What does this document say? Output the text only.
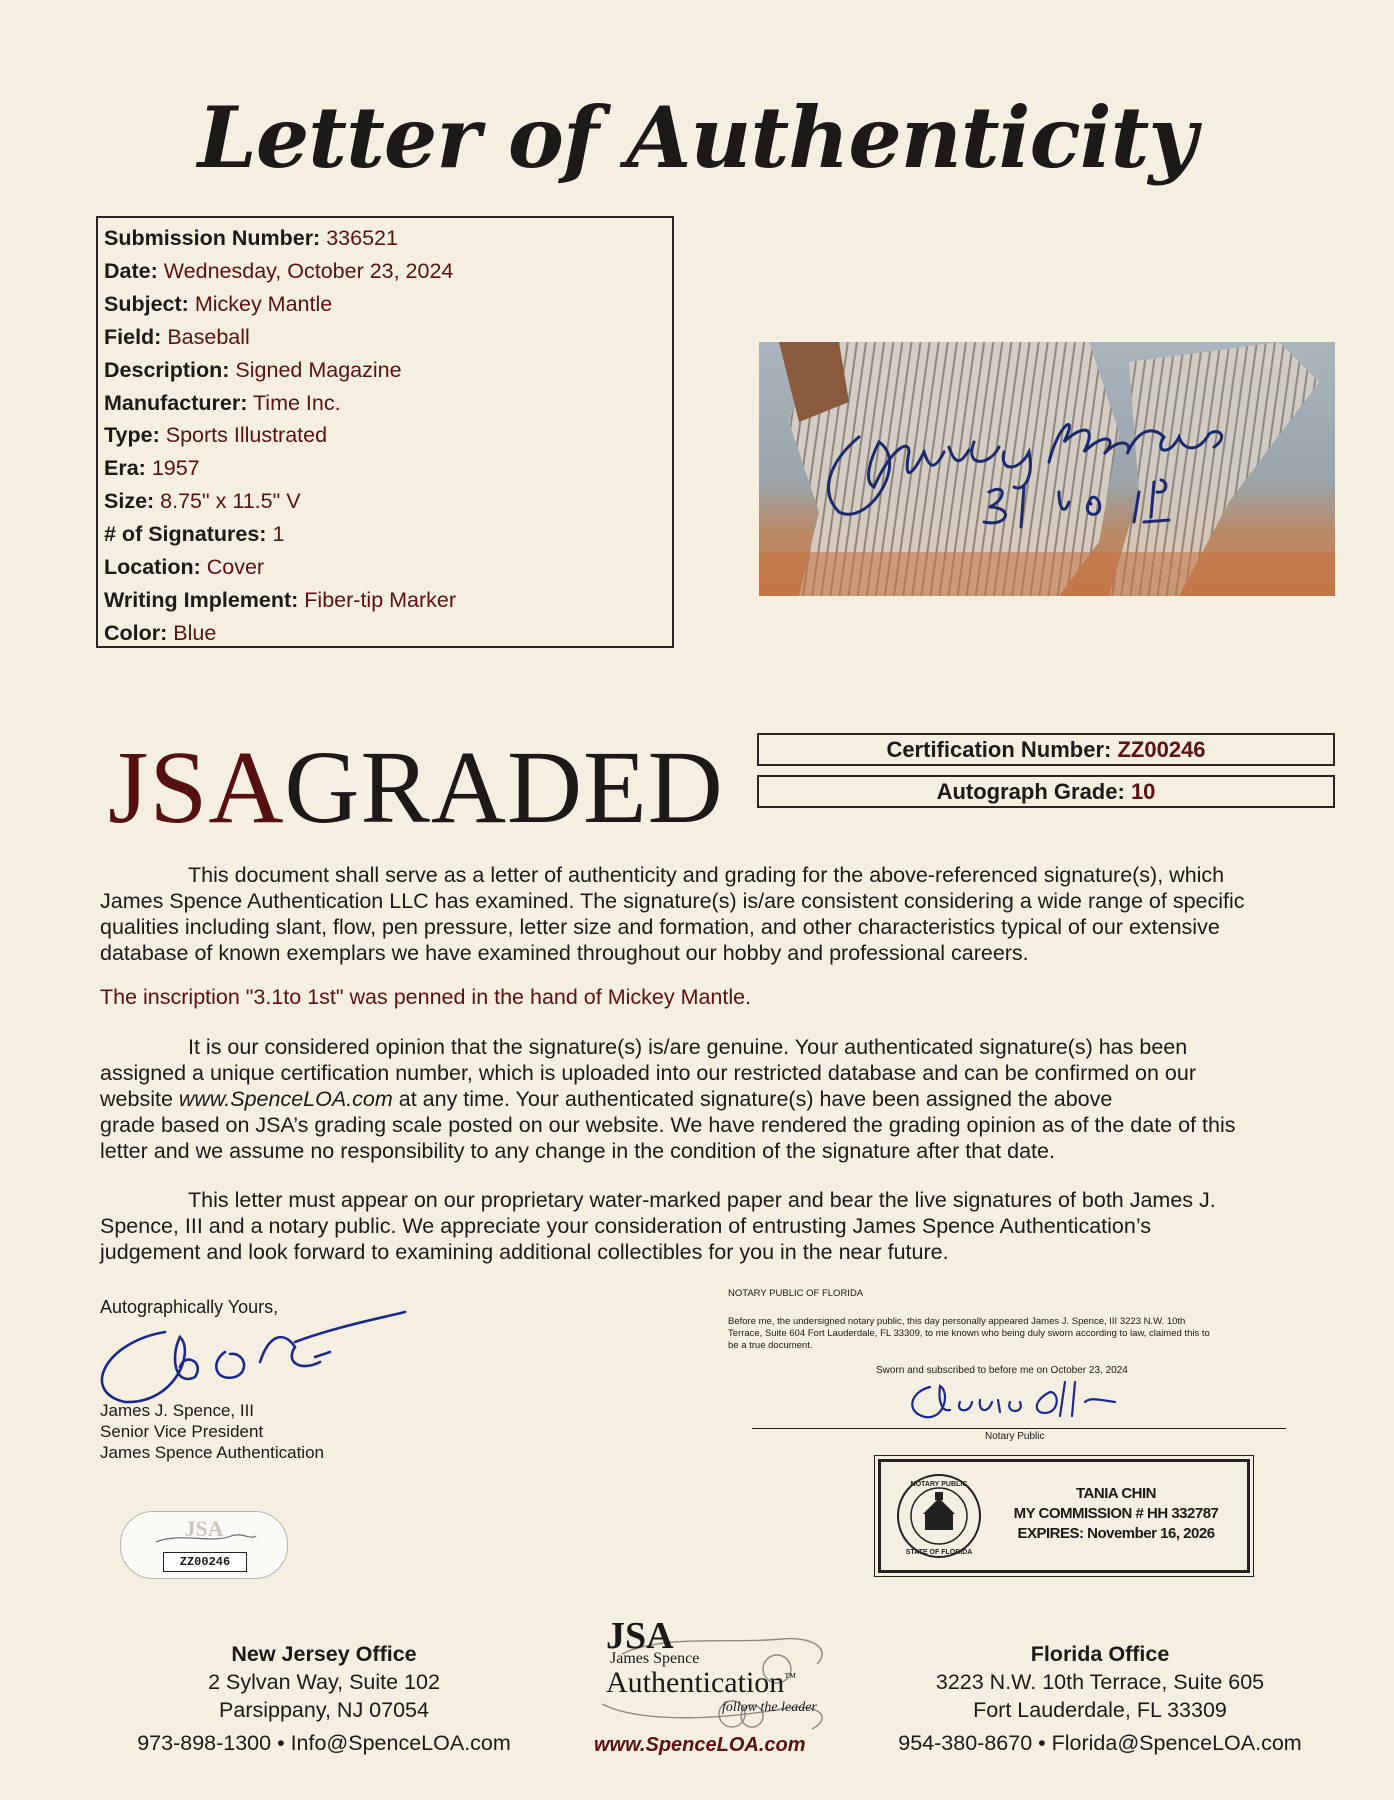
Letter of Authenticity
Submission Number: 336521
Date: Wednesday, October 23, 2024
Subject: Mickey Mantle
Field: Baseball
Description: Signed Magazine
Manufacturer: Time Inc.
Type: Sports Illustrated
Era: 1957
Size: 8.75" x 11.5" V
# of Signatures: 1
Location: Cover
Writing Implement: Fiber-tip Marker
Color: Blue
JSAGRADED	Certification Number: ZZ00246
Autograph Grade: 10
This document shall serve as a letter of authenticity and grading for the above-referenced signature(s), which
James Spence Authentication LLC has examined. The signature(s) is/are consistent considering a wide range of specific
qualities including slant, flow, pen pressure, letter size and formation, and other characteristics typical of our extensive
database of known exemplars we have examined throughout our hobby and professional careers.
The inscription "3.1to 1st" was penned in the hand of Mickey Mantle.
It is our considered opinion that the signature(s) is/are genuine. Your authenticated signature(s) has been
assigned a unique certification number, which is uploaded into our restricted database and can be confirmed on our
website www.SpenceLOA.com at any time. Your authenticated signature(s) have been assigned the above
grade based on JSA’s grading scale posted on our website. We have rendered the grading opinion as of the date of this
letter and we assume no responsibility to any change in the condition of the signature after that date.
This letter must appear on our proprietary water-marked paper and bear the live signatures of both James J.
Spence, III and a notary public. We appreciate your consideration of entrusting James Spence Authentication’s
judgement and look forward to examining additional collectibles for you in the near future.
Autographically Yours,
James J. Spence, III
Senior Vice President
James Spence Authentication
JSA
ZZ00246
NOTARY PUBLIC OF FLORIDA
Before me, the undersigned notary public, this day personally appeared James J. Spence, III 3223 N.W. 10th
Terrace, Suite 604 Fort Lauderdale, FL 33309, to me known who being duly sworn according to law, claimed this to
be a true document.
Sworn and subscribed to before me on October 23, 2024
Notary Public
NOTARY PUBLIC
STATE OF FLORIDA
TANIA CHIN
MY COMMISSION # HH 332787
EXPIRES: November 16, 2026
New Jersey Office
2 Sylvan Way, Suite 102
Parsippany, NJ 07054
973-898-1300 • Info@SpenceLOA.com
JSA
James Spence
Authentication™
follow the leader
www.SpenceLOA.com
Florida Office
3223 N.W. 10th Terrace, Suite 605
Fort Lauderdale, FL 33309
954-380-8670 • Florida@SpenceLOA.com
